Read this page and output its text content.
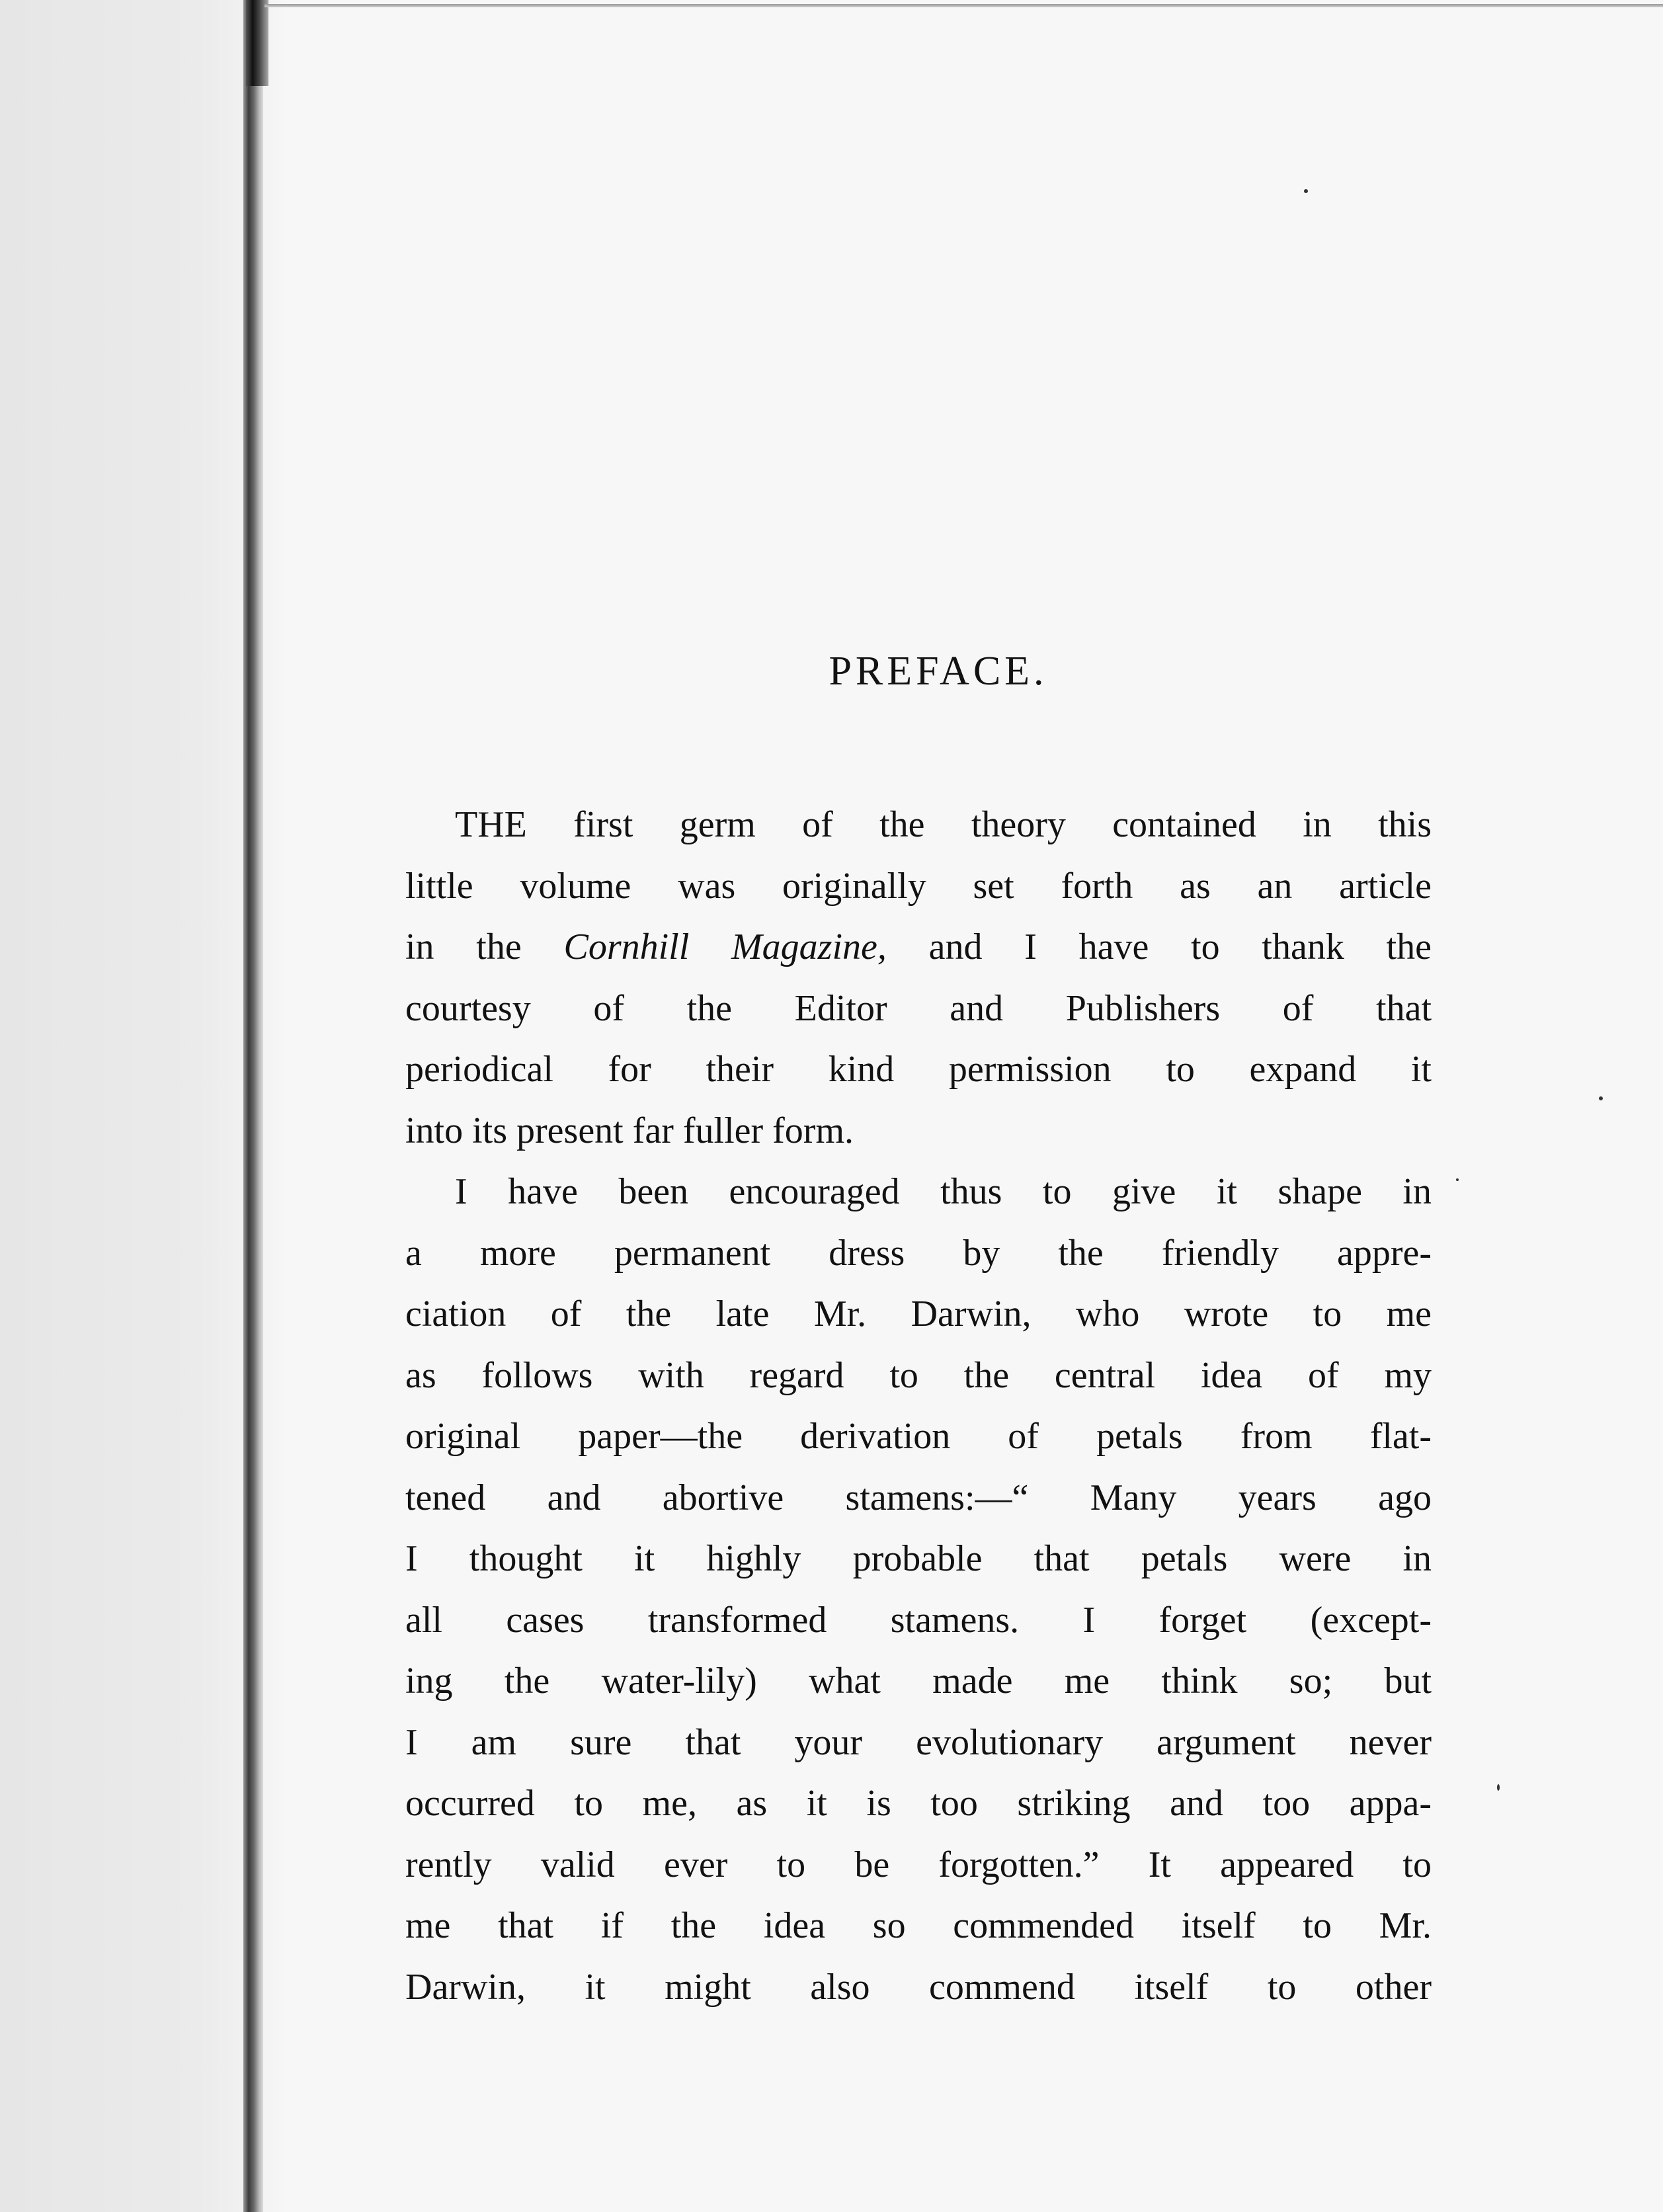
PREFACE.
THE first germ of the theory contained in this
little volume was originally set forth as an article
in the Cornhill Magazine, and I have to thank the
courtesy of the Editor and Publishers of that
periodical for their kind permission to expand it
into its present far fuller form.
I have been encouraged thus to give it shape in
a more permanent dress by the friendly appre-
ciation of the late Mr. Darwin, who wrote to me
as follows with regard to the central idea of my
original paper—the derivation of petals from flat-
tened and abortive stamens:—“ Many years ago
I thought it highly probable that petals were in
all cases transformed stamens. I forget (except-
ing the water-lily) what made me think so; but
I am sure that your evolutionary argument never
occurred to me, as it is too striking and too appa-
rently valid ever to be forgotten.” It appeared to
me that if the idea so commended itself to Mr.
Darwin, it might also commend itself to other
